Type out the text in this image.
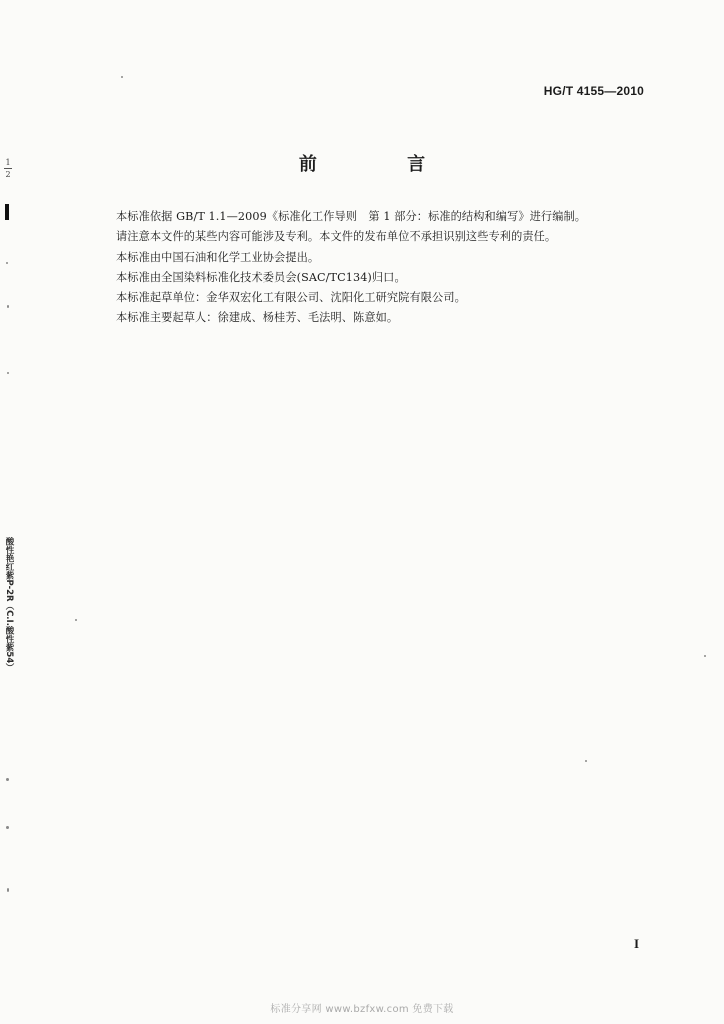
HG/T 4155—2010
$\frac{1}{2}$	前 言
本标准依据 GB/T 1.1—2009《标准化工作导则　第 1 部分：标准的结构和编写》进行编制。
请注意本文件的某些内容可能涉及专利。本文件的发布单位不承担识别这些专利的责任。
本标准由中国石油和化学工业协会提出。
本标准由全国染料标准化技术委员会(SAC/TC134)归口。
本标准起草单位：金华双宏化工有限公司、沈阳化工研究院有限公司。
本标准主要起草人：徐建成、杨桂芳、毛法明、陈意如。
酸性艳红紫P-2R（C.I.酸性紫54）
I
标准分享网 www.bzfxw.com 免费下载
